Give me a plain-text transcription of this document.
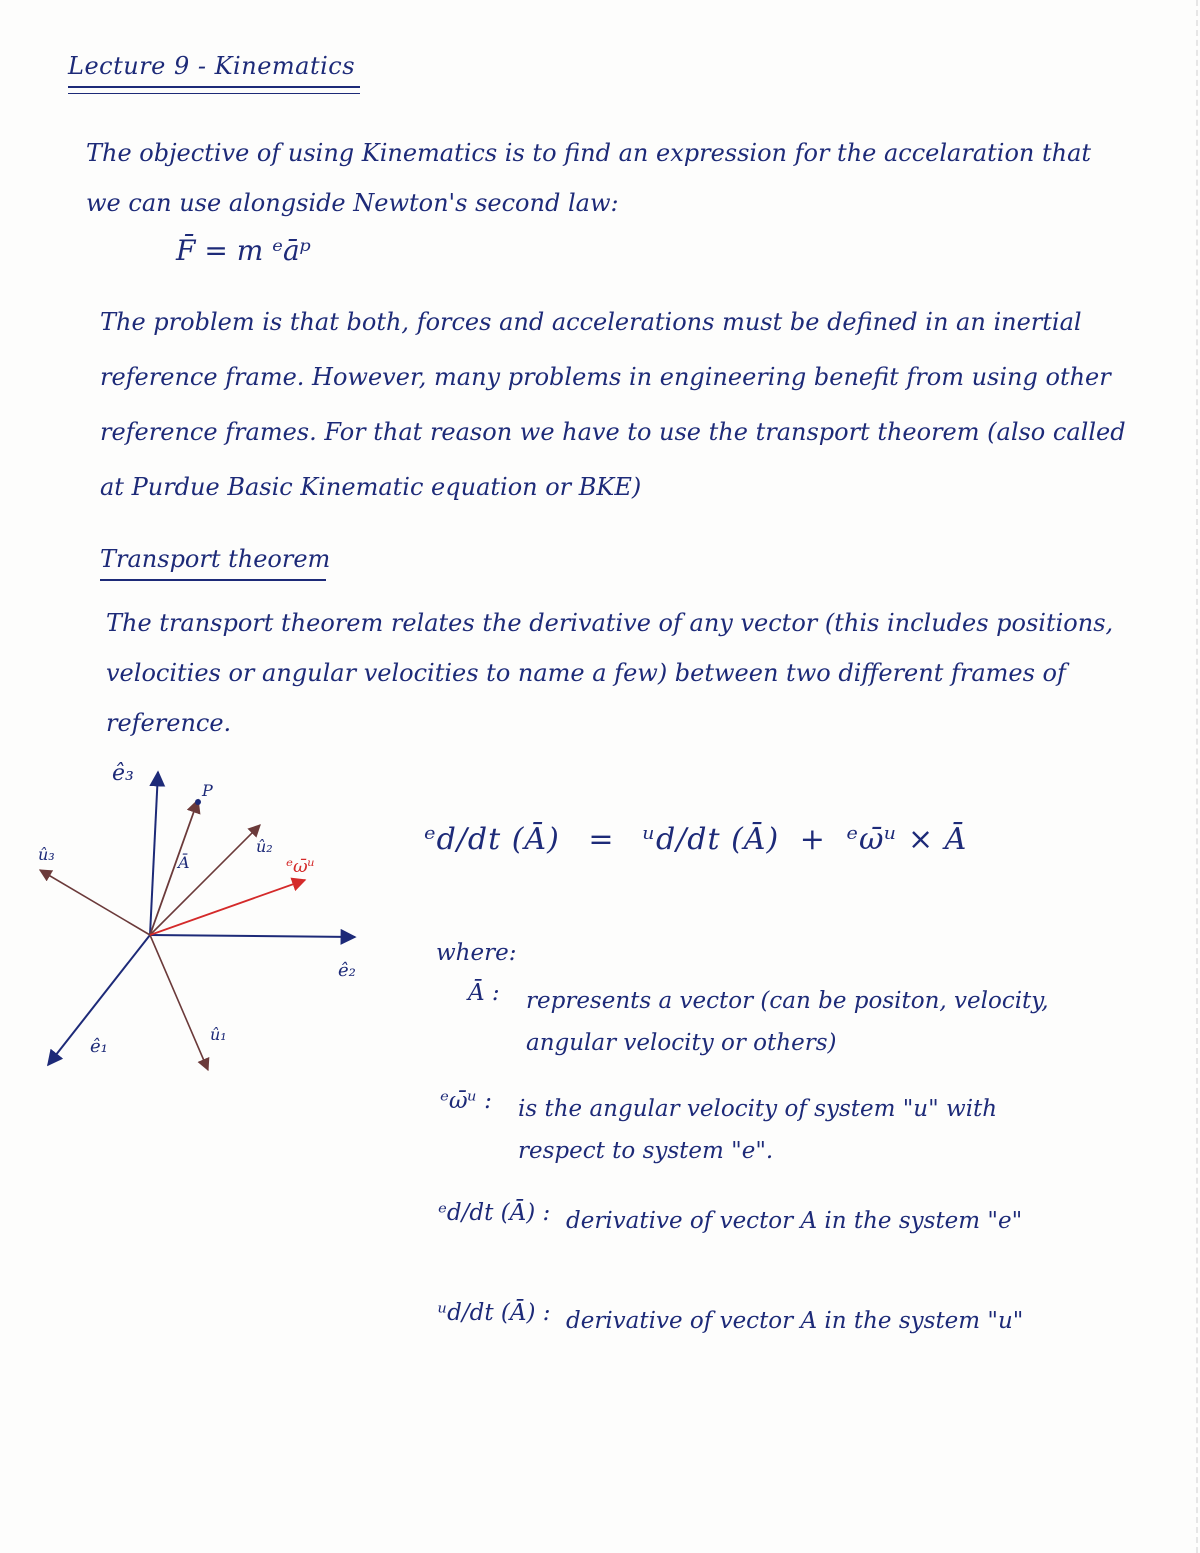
Lecture 9 - Kinematics
The objective of using Kinematics is to find an expression for the accelaration that we can use alongside Newton's second law:
F̄ = m ᵉāᵖ
The problem is that both, forces and accelerations must be defined in an inertial reference frame. However, many problems in engineering benefit from using other reference frames. For that reason we have to use the transport theorem (also called at Purdue Basic Kinematic equation or BKE)
Transport theorem
The transport theorem relates the derivative of any vector (this includes positions, velocities or angular velocities to name a few) between two different frames of reference.
ê₃
P
Ā
û₂
û₃
ᵉω̄ᵘ
ê₂
ê₁
û₁
ᵉd/dt (Ā) = ᵘd/dt (Ā) + ᵉω̄ᵘ × Ā
where:
Ā :	represents a vector (can be positon, velocity, angular velocity or others)
ᵉω̄ᵘ :	is the angular velocity of system "u" with respect to system "e".
ᵉd/dt (Ā) : derivative of vector A in the system "e"
ᵘd/dt (Ā) : derivative of vector A in the system "u"
